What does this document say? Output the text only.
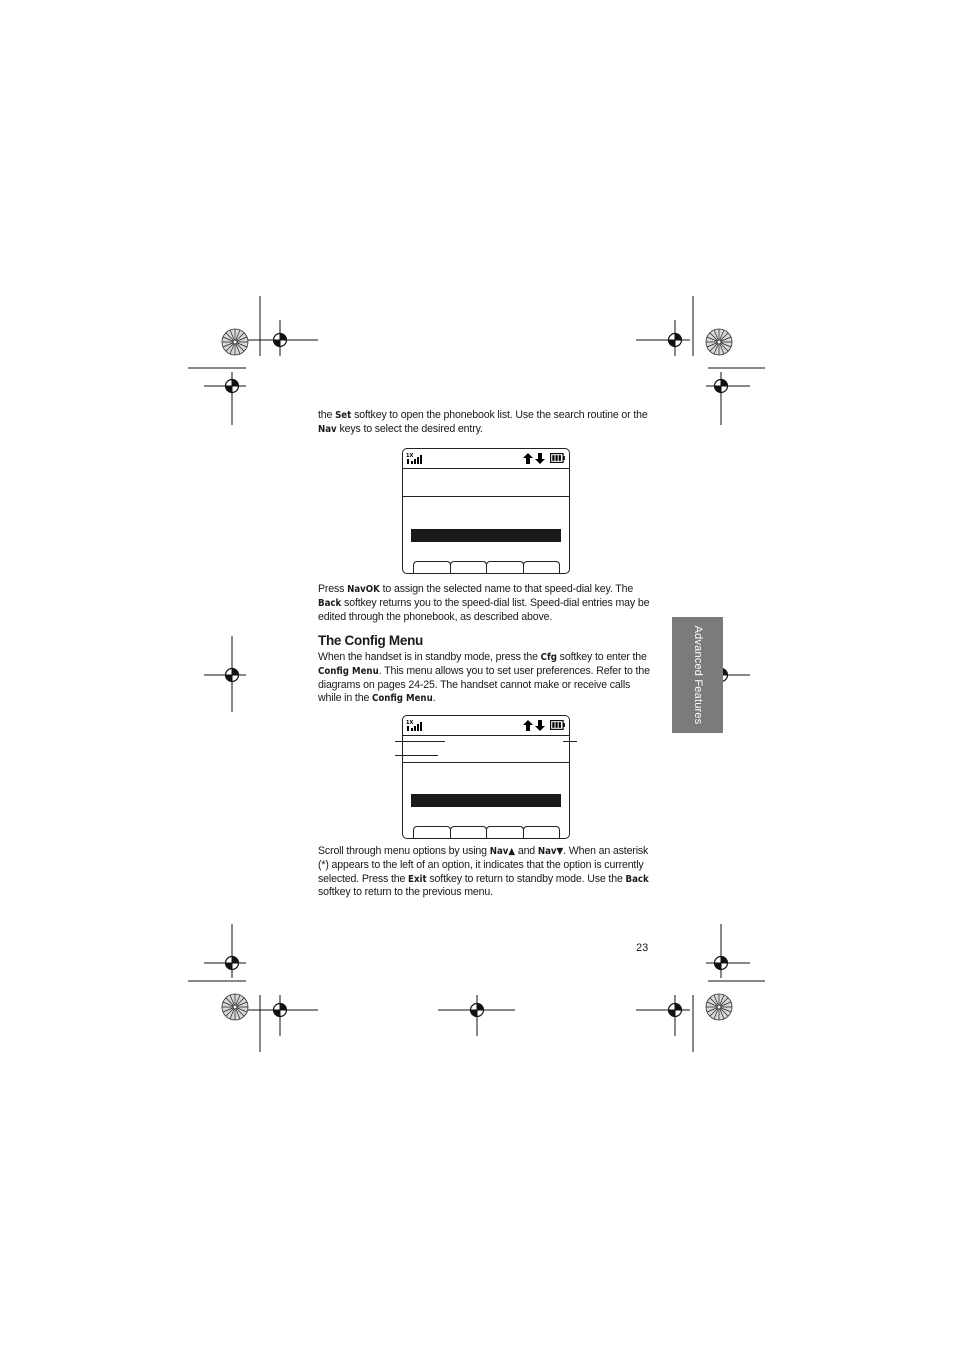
the Set softkey to open the phonebook list. Use the search routine or the Nav keys to select the desired entry.
1X
Press NavOK to assign the selected name to that speed-dial key. The Back softkey returns you to the speed-dial list. Speed-dial entries may be edited through the phonebook, as described above.
The Config Menu
When the handset is in standby mode, press the Cfg softkey to enter the Config Menu. This menu allows you to set user preferences. Refer to the diagrams on pages 24-25. The handset cannot make or receive calls while in the Config Menu.
1X
Scroll through menu options by using Nav▲ and Nav▼. When an asterisk (*) appears to the left of an option, it indicates that the option is currently selected. Press the Exit softkey to return to standby mode. Use the Back softkey to return to the previous menu.
Advanced Features
23
